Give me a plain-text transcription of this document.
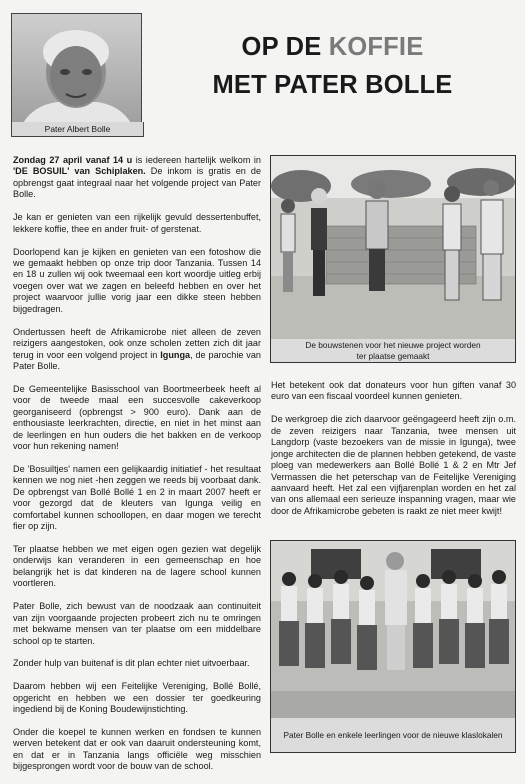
Pater Albert Bolle
OP DE KOFFIE
MET PATER BOLLE

Zondag 27 april vanaf 14 u is iedereen hartelijk welkom in 'DE BOSUIL' van Schiplaken. De inkom is gratis en de opbrengst gaat integraal naar het volgende project van Pater Bolle.

Je kan er genieten van een rijkelijk gevuld dessertenbuffet, lekkere koffie, thee en ander fruit- of gerstenat.

Doorlopend kan je kijken en genieten van een fotoshow die we gemaakt hebben op onze trip door Tanzania. Tussen 14 en 18 u zullen wij ook tweemaal een kort woordje uitleg erbij voegen over wat we zagen en beleefd hebben en over het project waarvoor jullie vorig jaar een dikke steen hebben bijgedragen.

Ondertussen heeft de Afrikamicrobe niet alleen de zeven reizigers aangestoken, ook onze scholen zetten zich dit jaar terug in voor een volgend project in Igunga, de parochie van Pater Bolle.

De Gemeentelijke Basisschool van Boortmeerbeek heeft al voor de tweede maal een succesvolle cakeverkoop georganiseerd (opbrengst > 900 euro). Dank aan de enthousiaste leerkrachten, directie, en niet in het minst aan de leerlingen en hun ouders die het bakken en de verkoop voor hun rekening namen!

De 'Bosuiltjes' namen een gelijkaardig initiatief - het resultaat kennen we nog niet -hen zeggen we reeds bij voorbaat dank. De opbrengst van Bollé Bollé 1 en 2 in maart 2007 heeft er voor gezorgd dat de kleuters van Igunga veilig en comfortabel kunnen schoollopen, en daar mogen we terecht fier op zijn.

Ter plaatse hebben we met eigen ogen gezien wat degelijk onderwijs kan veranderen in een gemeenschap en hoe belangrijk het is dat kinderen na de lagere school kunnen voortleren.

Pater Bolle, zich bewust van de noodzaak aan continuiteit van zijn voorgaande projecten probeert zich nu te omringen met bekwame mensen van ter plaatse om een middelbare school op te starten.

Zonder hulp van buitenaf is dit plan echter niet uitvoerbaar.

Daarom hebben wij een Feitelijke Vereniging, Bollé Bollé, opgericht en hebben we een dossier ter goedkeuring ingediend bij de Koning Boudewijnstichting.

Onder die koepel te kunnen werken en fondsen te kunnen werven betekent dat er ook van daaruit ondersteuning komt, en dat er in Tanzania langs officiële weg misschien bijgesprongen wordt voor de bouw van de school.

De bouwstenen voor het nieuwe project worden
ter plaatse gemaakt

Het betekent ook dat donateurs voor hun giften vanaf 30 euro van een fiscaal voordeel kunnen genieten.

De werkgroep die zich daarvoor geëngageerd heeft zijn o.m. de zeven reizigers naar Tanzania, twee mensen uit Langdorp (vaste bezoekers van de missie in Igunga), twee jonge architecten die de plannen hebben getekend, de vaste ploeg van medewerkers aan Bollé Bollé 1 & 2 en Mtr Jef Vermassen die het peterschap van de Feitelijke Vereniging aanvaard heeft. Het zal een vijfjarenplan worden en het zal van ons allemaal een serieuze inspanning vragen, maar wie door de Afrikamicrobe gebeten is raakt ze niet meer kwijt!

Pater Bolle en enkele leerlingen voor de nieuwe klaslokalen
